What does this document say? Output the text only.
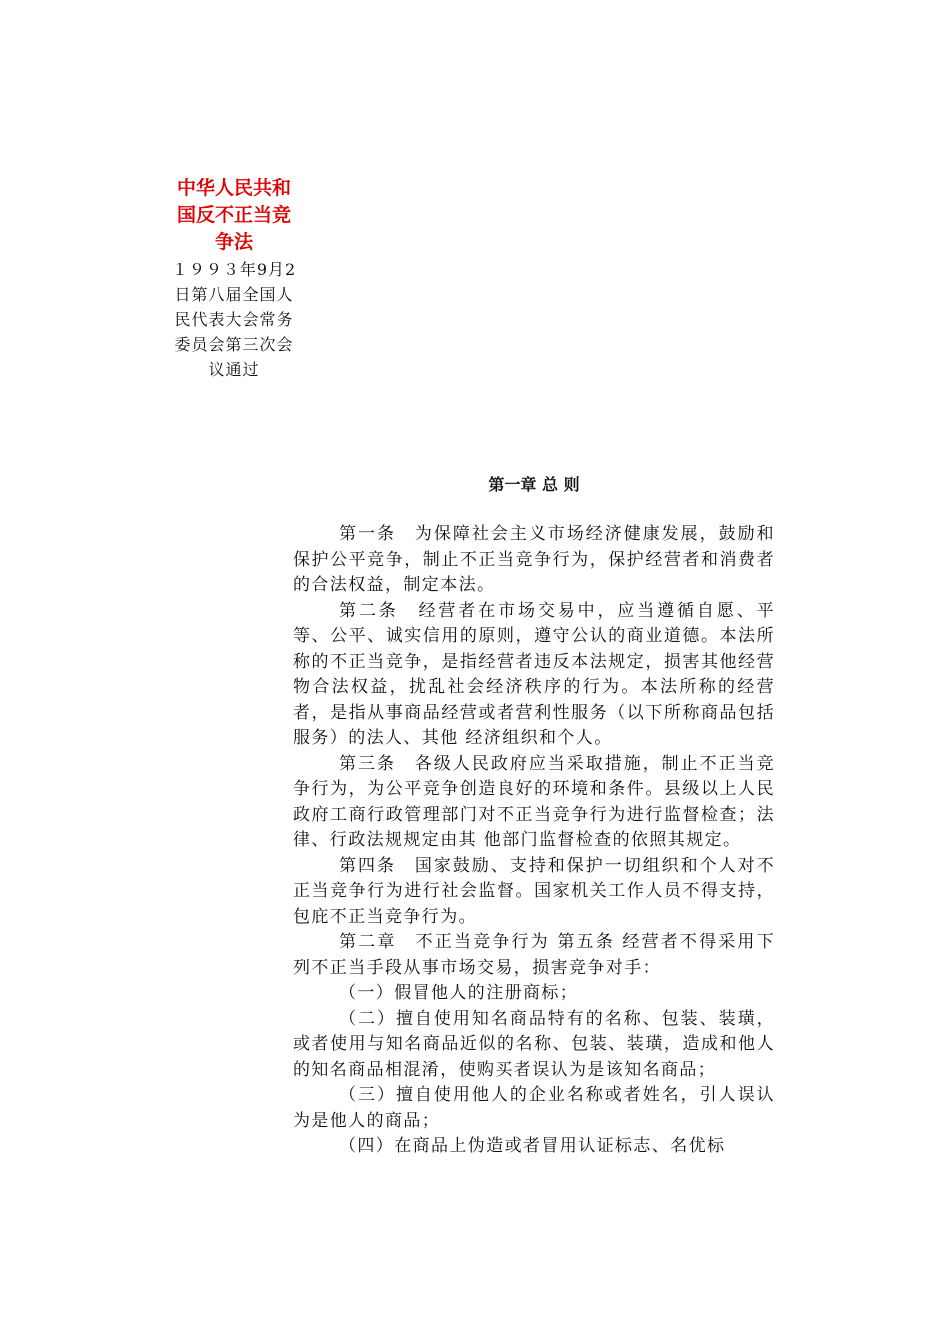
中华人民共和国反不正当竞争法
１９９３年9月2日第八届全国人民代表大会常务委员会第三次会议通过
第一章 总 则

第一条　为保障社会主义市场经济健康发展，鼓励和保护公平竞争，制止不正当竞争行为，保护经营者和消费者的合法权益，制定本法。

第二条　经营者在市场交易中，应当遵循自愿、平等、公平、诚实信用的原则，遵守公认的商业道德。本法所称的不正当竞争，是指经营者违反本法规定，损害其他经营物合法权益，扰乱社会经济秩序的行为。本法所称的经营者，是指从事商品经营或者营利性服务（以下所称商品包括服务）的法人、其他 经济组织和个人。

第三条　各级人民政府应当采取措施，制止不正当竞争行为，为公平竞争创造良好的环境和条件。县级以上人民政府工商行政管理部门对不正当竞争行为进行监督检查；法律、行政法规规定由其 他部门监督检查的依照其规定。

第四条　国家鼓励、支持和保护一切组织和个人对不正当竞争行为进行社会监督。国家机关工作人员不得支持，包庇不正当竞争行为。

第二章　不正当竞争行为 第五条 经营者不得采用下列不正当手段从事市场交易，损害竞争对手：

（一）假冒他人的注册商标；

（二）擅自使用知名商品特有的名称、包装、装璜，或者使用与知名商品近似的名称、包装、装璜，造成和他人的知名商品相混淆，使购买者误认为是该知名商品；

（三）擅自使用他人的企业名称或者姓名，引人误认为是他人的商品；

（四）在商品上伪造或者冒用认证标志、名优标
